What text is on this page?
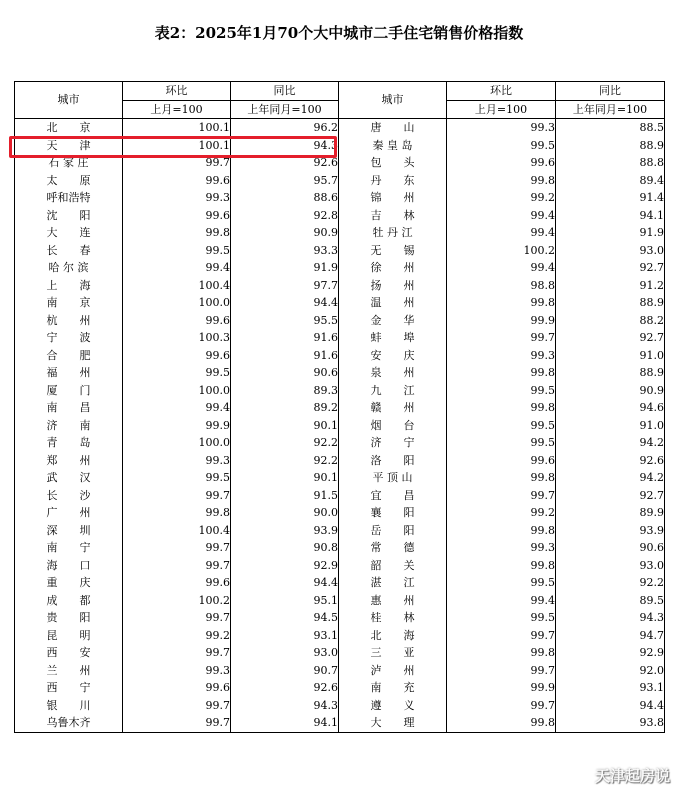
表2：2025年1月70个大中城市二手住宅销售价格指数
城市	环比	同比	城市	环比	同比
	上月=100	上年同月=100		上月=100	上年同月=100
北　　京	100.1	96.2	唐　　山	99.3	88.5
天　　津	100.1	94.3	秦 皇 岛	99.5	88.9
石 家 庄	99.7	92.6	包　　头	99.6	88.8
太　　原	99.6	95.7	丹　　东	99.8	89.4
呼和浩特	99.3	88.6	锦　　州	99.2	91.4
沈　　阳	99.6	92.8	吉　　林	99.4	94.1
大　　连	99.8	90.9	牡 丹 江	99.4	91.9
长　　春	99.5	93.3	无　　锡	100.2	93.0
哈 尔 滨	99.4	91.9	徐　　州	99.4	92.7
上　　海	100.4	97.7	扬　　州	98.8	91.2
南　　京	100.0	94.4	温　　州	99.8	88.9
杭　　州	99.6	95.5	金　　华	99.9	88.2
宁　　波	100.3	91.6	蚌　　埠	99.7	92.7
合　　肥	99.6	91.6	安　　庆	99.3	91.0
福　　州	99.5	90.6	泉　　州	99.8	88.9
厦　　门	100.0	89.3	九　　江	99.5	90.9
南　　昌	99.4	89.2	赣　　州	99.8	94.6
济　　南	99.9	90.1	烟　　台	99.5	91.0
青　　岛	100.0	92.2	济　　宁	99.5	94.2
郑　　州	99.3	92.2	洛　　阳	99.6	92.6
武　　汉	99.5	90.1	平 顶 山	99.8	94.2
长　　沙	99.7	91.5	宜　　昌	99.7	92.7
广　　州	99.8	90.0	襄　　阳	99.2	89.9
深　　圳	100.4	93.9	岳　　阳	99.8	93.9
南　　宁	99.7	90.8	常　　德	99.3	90.6
海　　口	99.7	92.9	韶　　关	99.8	93.0
重　　庆	99.6	94.4	湛　　江	99.5	92.2
成　　都	100.2	95.1	惠　　州	99.4	89.5
贵　　阳	99.7	94.5	桂　　林	99.5	94.3
昆　　明	99.2	93.1	北　　海	99.7	94.7
西　　安	99.7	93.0	三　　亚	99.8	92.9
兰　　州	99.3	90.7	泸　　州	99.7	92.0
西　　宁	99.6	92.6	南　　充	99.9	93.1
银　　川	99.7	94.3	遵　　义	99.7	94.4
乌鲁木齐	99.7	94.1	大　　理	99.8	93.8
天津起房说
